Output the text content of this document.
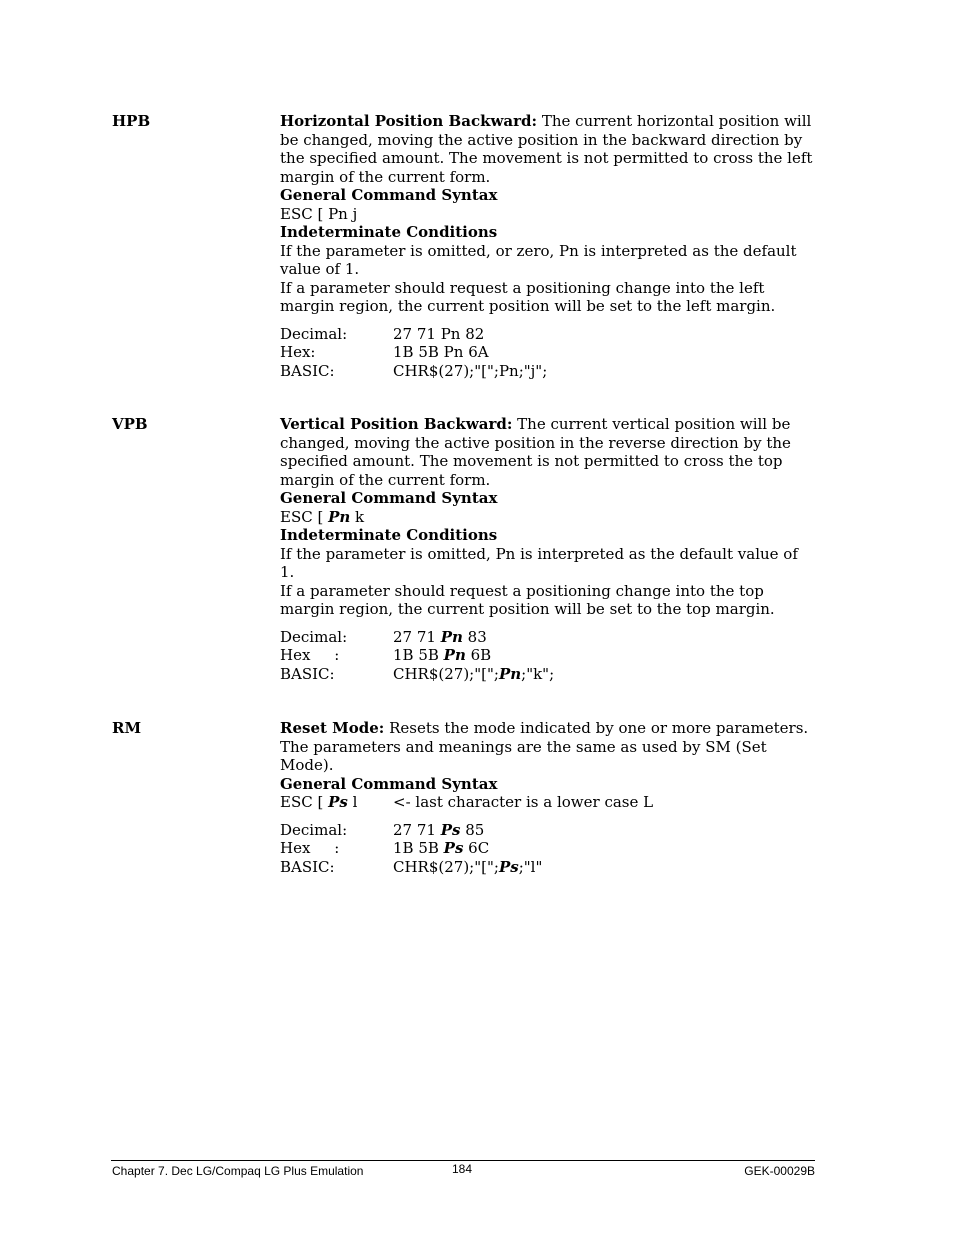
HPB	Horizontal Position Backward: The current horizontal position will be changed, moving the active position in the backward direction by the specified amount. The movement is not permitted to cross the left margin of the current form.

General Command Syntax

ESC [ Pn j

Indeterminate Conditions

If the parameter is omitted, or zero, Pn is interpreted as the default value of 1.

If a parameter should request a positioning change into the left margin region, the current position will be set to the left margin.

Decimal:	27 71 Pn 82
Hex:	1B 5B Pn 6A
BASIC:	CHR$(27);"[";Pn;"j";
VPB	Vertical Position Backward: The current vertical position will be changed, moving the active position in the reverse direction by the specified amount. The movement is not permitted to cross the top margin of the current form.

General Command Syntax

ESC [ Pn k

Indeterminate Conditions

If the parameter is omitted, Pn is interpreted as the default value of 1.

If a parameter should request a positioning change into the top margin region, the current position will be set to the top margin.

Decimal:	27 71 Pn 83
Hex     :	1B 5B Pn 6B
BASIC:	CHR$(27);"["; Pn ;"k";
RM	Reset Mode: Resets the mode indicated by one or more parameters. The parameters and meanings are the same as used by SM (Set Mode).

General Command Syntax

ESC [ Ps l	<- last character is a lower case L
Decimal:	27 71 Ps 85
Hex     :	1B 5B Ps 6C
BASIC:	CHR$(27);"["; Ps ;"l"
Chapter 7. Dec LG/Compaq LG Plus Emulation	184	GEK-00029B
